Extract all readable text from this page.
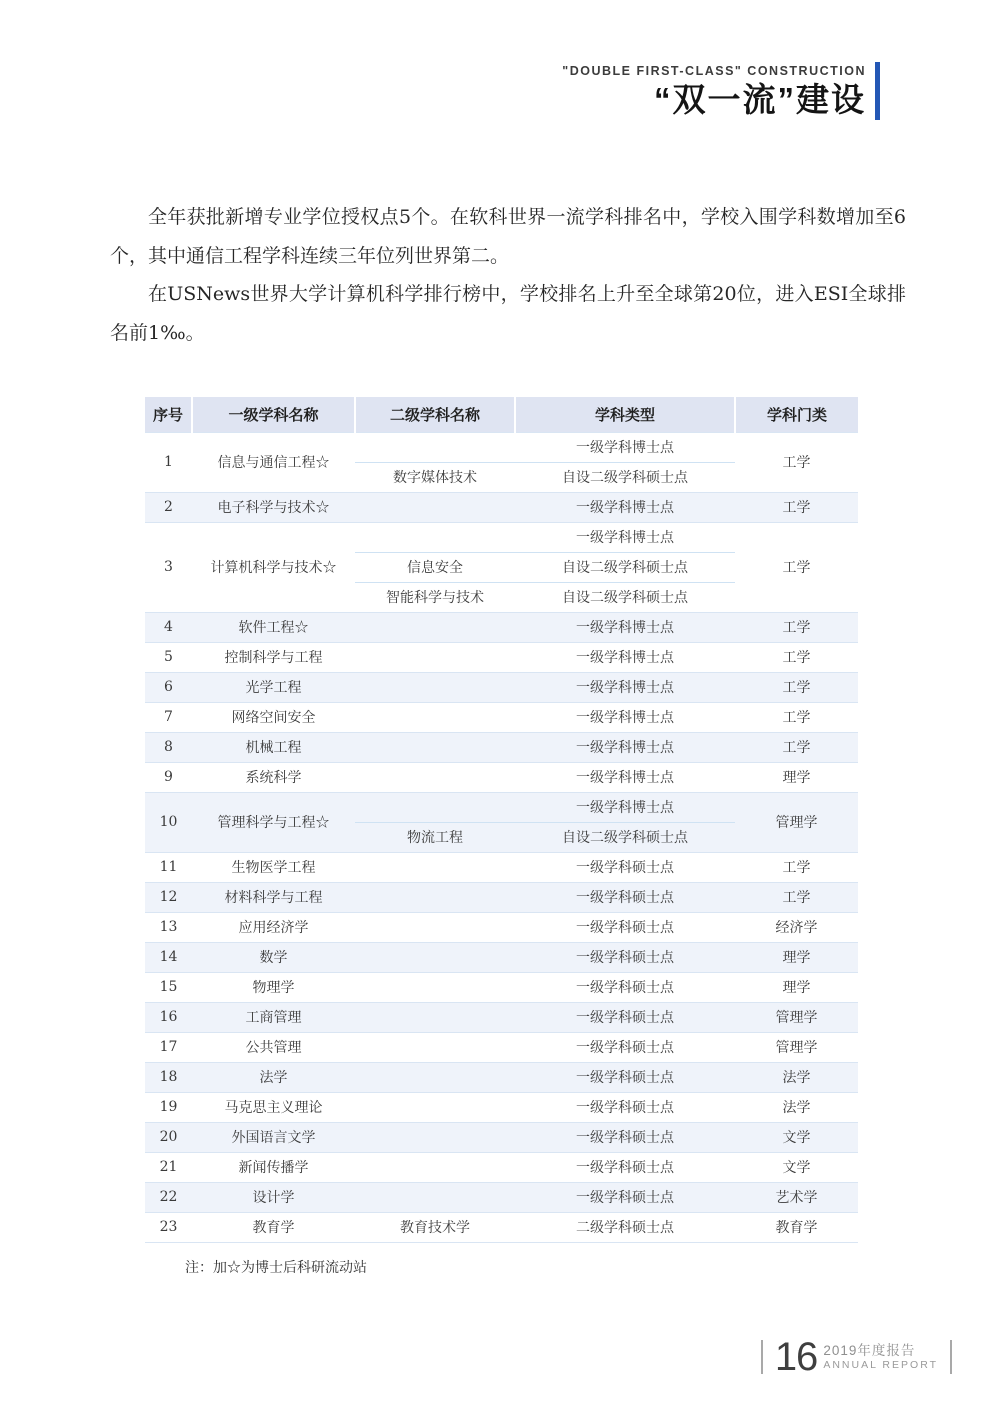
"DOUBLE FIRST-CLASS" CONSTRUCTION
“双一流”建设

全年获批新增专业学位授权点5个。在软科世界一流学科排名中，学校入围学科数增加至6个，其中通信工程学科连续三年位列世界第二。

在USNews世界大学计算机科学排行榜中，学校排名上升至全球第20位，进入ESI全球排名前1‰。

序号	一级学科名称	二级学科名称	学科类型	学科门类
1	信息与通信工程☆		一级学科博士点	工学
		数字媒体技术	自设二级学科硕士点	
2	电子科学与技术☆		一级学科博士点	工学
3	计算机科学与技术☆		一级学科博士点	工学
		信息安全	自设二级学科硕士点	
		智能科学与技术	自设二级学科硕士点	
4	软件工程☆		一级学科博士点	工学
5	控制科学与工程		一级学科博士点	工学
6	光学工程		一级学科博士点	工学
7	网络空间安全		一级学科博士点	工学
8	机械工程		一级学科博士点	工学
9	系统科学		一级学科博士点	理学
10	管理科学与工程☆		一级学科博士点	管理学
		物流工程	自设二级学科硕士点	
11	生物医学工程		一级学科硕士点	工学
12	材料科学与工程		一级学科硕士点	工学
13	应用经济学		一级学科硕士点	经济学
14	数学		一级学科硕士点	理学
15	物理学		一级学科硕士点	理学
16	工商管理		一级学科硕士点	管理学
17	公共管理		一级学科硕士点	管理学
18	法学		一级学科硕士点	法学
19	马克思主义理论		一级学科硕士点	法学
20	外国语言文学		一级学科硕士点	文学
21	新闻传播学		一级学科硕士点	文学
22	设计学		一级学科硕士点	艺术学
23	教育学	教育技术学	二级学科硕士点	教育学
注：加☆为博士后科研流动站
16 2019年度报告
ANNUAL REPORT
